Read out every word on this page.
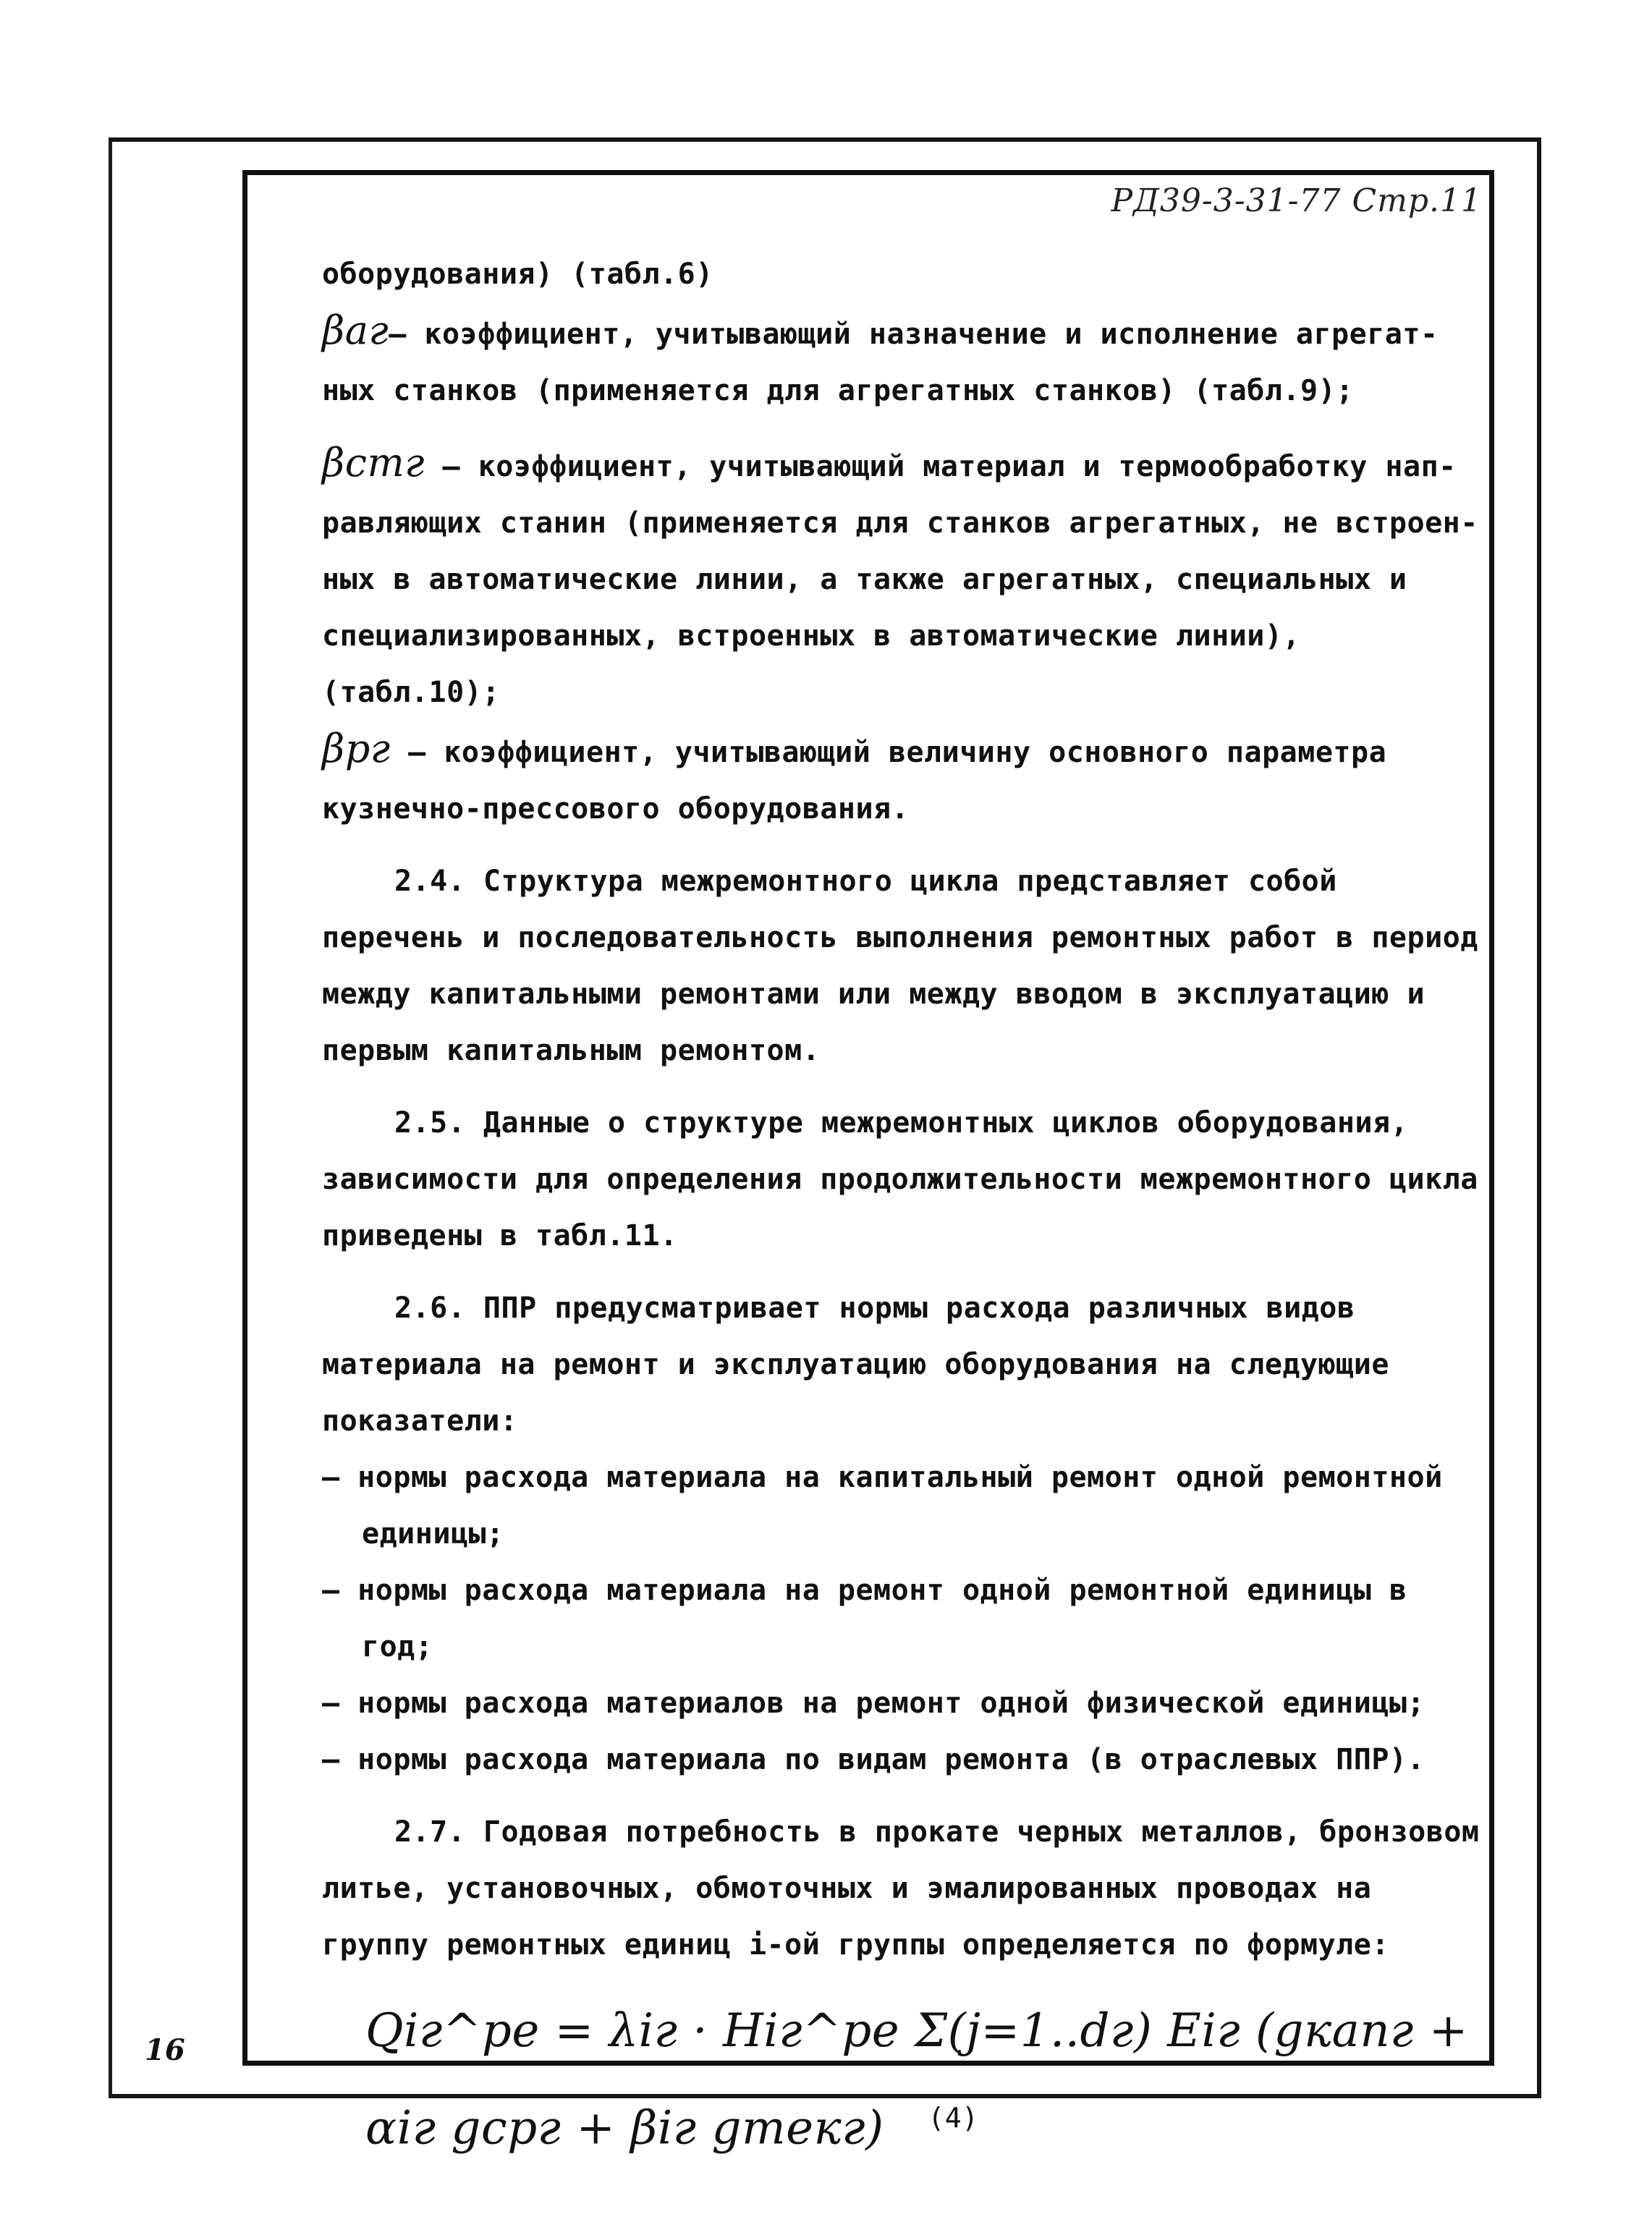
РД39-3-31-77 Стр.11

оборудования) (табл.6)

βaг– коэффициент, учитывающий назначение и исполнение агрегат-

ных станков (применяется для агрегатных станков) (табл.9);

βстг – коэффициент, учитывающий материал и термообработку нап-

равляющих станин (применяется для станков агрегатных, не встроен-

ных в автоматические линии, а также агрегатных, специальных и

специализированных, встроенных в автоматические линии), (табл.10);

βpг – коэффициент, учитывающий величину основного параметра

кузнечно-прессового оборудования.

2.4. Структура межремонтного цикла представляет собой перечень и последовательность выполнения ремонтных работ в период между капитальными ремонтами или между вводом в эксплуатацию и первым капитальным ремонтом.

2.5. Данные о структуре межремонтных циклов оборудования, зависимости для определения продолжительности межремонтного цикла приведены в табл.11.

2.6. ППР предусматривает нормы расхода различных видов материала на ремонт и эксплуатацию оборудования на следующие показатели:

– нормы расхода материала на капитальный ремонт одной ремонтной единицы;

– нормы расхода материала на ремонт одной ремонтной единицы в год;

– нормы расхода материалов на ремонт одной физической единицы;

– нормы расхода материала по видам ремонта (в отраслевых ППР).

2.7. Годовая потребность в прокате черных металлов, бронзовом литье, установочных, обмоточных и эмалированных проводах на группу ремонтных единиц i-ой группы определяется по формуле:

Qiг^pe = λiг · Hiг^pe Σ(j=1..dг) Eiг (gкапг + αiг gсрг + βiг gтекг) $^{(4)}$

16
